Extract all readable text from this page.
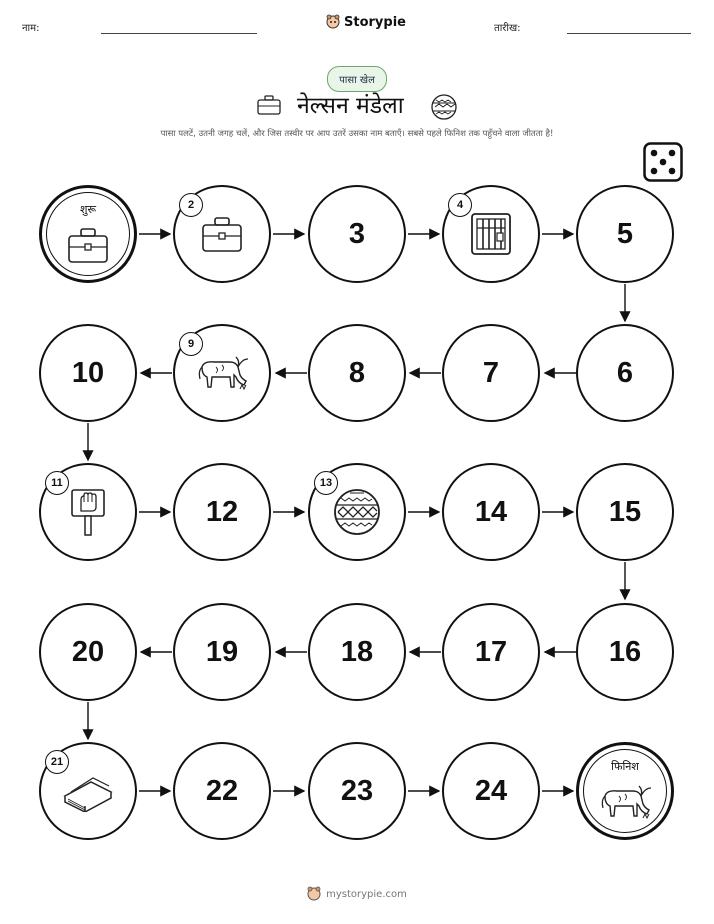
नाम:	Storypie	तारीख:
पासा खेल
नेल्सन मंडेला
पासा पलटें, उतनी जगह चलें, और जिस तस्वीर पर आप उतरें उसका नाम बताएँ। सबसे पहले फिनिश तक पहुँचने वाला जीतता है!
शुरू	2
3
4
5
6
7
8
9
10
11
12
13
14	15
16
17
18
19
20
21
22	23	24
फिनिश
mystorypie.com
